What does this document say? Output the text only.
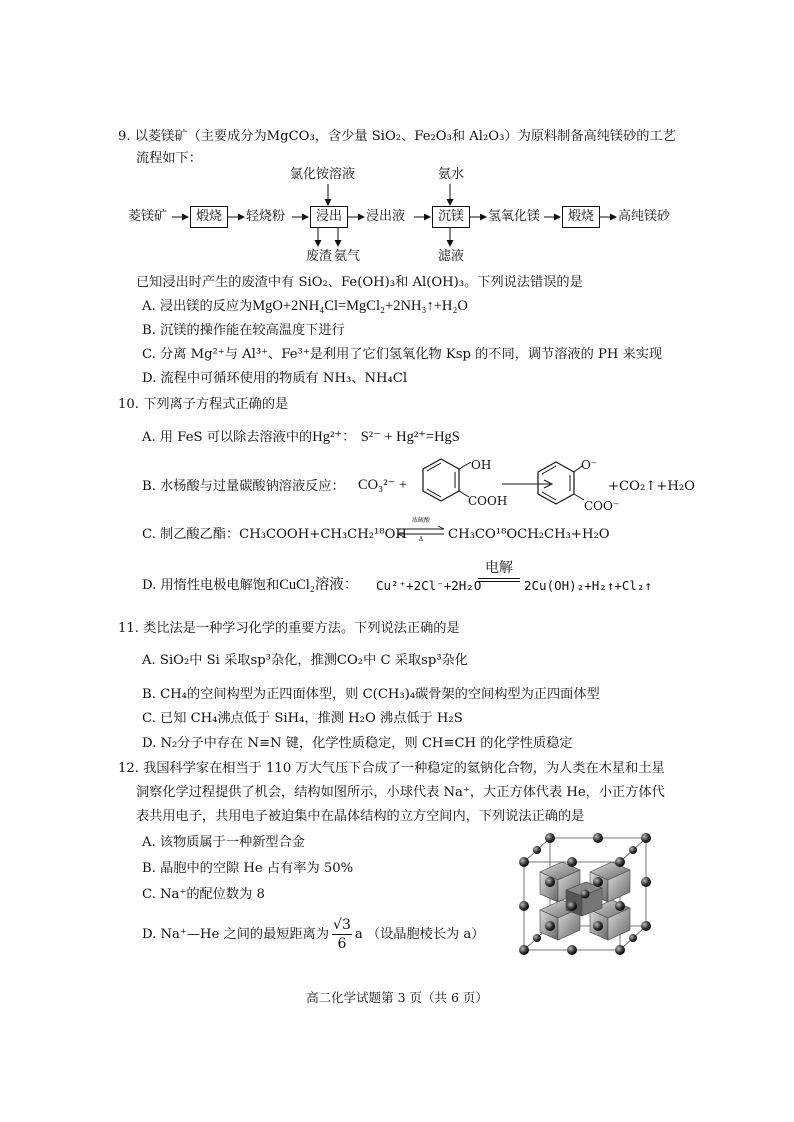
9. 以菱镁矿（主要成分为MgCO₃，含少量 SiO₂、Fe₂O₃和 Al₂O₃）为原料制备高纯镁砂的工艺
流程如下：
菱镁矿	煅烧	轻烧粉	浸出
氯化铵溶液
废渣 氨气
浸出液	沉镁
氨水
滤液
氢氧化镁	煅烧	高纯镁砂
已知浸出时产生的废渣中有 SiO₂、Fe(OH)₃和 Al(OH)₃。下列说法错误的是
A. 浸出镁的反应为MgO+2NH₄Cl=MgCl₂+2NH₃↑+H₂O
B. 沉镁的操作能在较高温度下进行
C. 分离 Mg²⁺与 Al³⁺、Fe³⁺是利用了它们氢氧化物 Ksp 的不同，调节溶液的 PH 来实现
D. 流程中可循环使用的物质有 NH₃、NH₄Cl
10. 下列离子方程式正确的是
A. 用 FeS 可以除去溶液中的Hg²⁺： S²⁻ + Hg²⁺=HgS
B. 水杨酸与过量碳酸钠溶液反应： CO₃²⁻ +
OH
COOH
O⁻
COO⁻
+CO₂↑+H₂O
C. 制乙酸乙酯：CH₃COOH+CH₃CH₂¹⁸OH
浓硫酸
Δ	CH₃CO¹⁸OCH₂CH₃+H₂O
D. 用惰性电极电解饱和CuCl₂溶液： Cu²⁺+2Cl⁻+2H₂O
电解
2Cu(OH)₂+H₂↑+Cl₂↑
11. 类比法是一种学习化学的重要方法。下列说法正确的是
A. SiO₂中 Si 采取sp³杂化，推测CO₂中 C 采取sp³杂化
B. CH₄的空间构型为正四面体型，则 C(CH₃)₄碳骨架的空间构型为正四面体型
C. 已知 CH₄沸点低于 SiH₄，推测 H₂O 沸点低于 H₂S
D. N₂分子中存在 N≡N 键，化学性质稳定，则 CH≡CH 的化学性质稳定
12. 我国科学家在相当于 110 万大气压下合成了一种稳定的氦钠化合物，为人类在木星和土星
洞察化学过程提供了机会，结构如图所示，小球代表 Na⁺，大正方体代表 He，小正方体代
表共用电子，共用电子被迫集中在晶体结构的立方空间内，下列说法正确的是
A. 该物质属于一种新型合金
B. 晶胞中的空隙 He 占有率为 50%
C. Na⁺的配位数为 8
D. Na⁺—He 之间的最短距离为 $\frac{√3}{6}$ a （设晶胞棱长为 a）
高二化学试题第 3 页（共 6 页）
